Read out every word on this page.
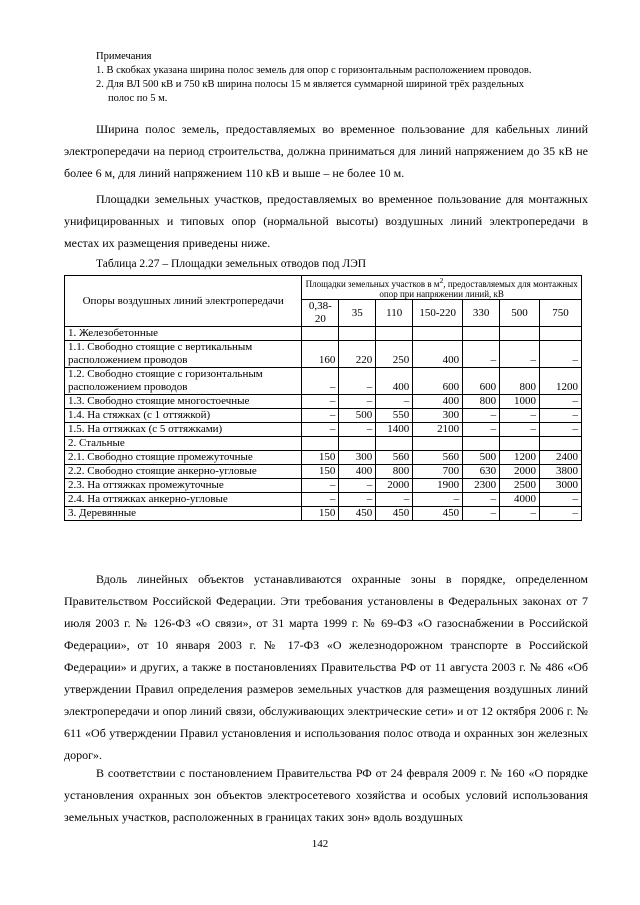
Примечания
1. В скобках указана ширина полос земель для опор с горизонтальным расположением проводов.
2. Для ВЛ 500 кВ и 750 кВ ширина полосы 15 м является суммарной шириной трёх раздельных
полос по 5 м.
Ширина полос земель, предоставляемых во временное пользование для кабельных линий электропередачи на период строительства, должна приниматься для линий напряжением до 35 кВ не более 6 м, для линий напряжением 110 кВ и выше – не более 10 м.
Площадки земельных участков, предоставляемых во временное пользование для монтажных унифицированных и типовых опор (нормальной высоты) воздушных линий электропередачи в местах их размещения приведены ниже.
Таблица 2.27 – Площадки земельных отводов под ЛЭП
Опоры воздушных линий электропередачи	Площадки земельных участков в $м^2$, предоставляемых для монтажных опор при напряжении линий, кВ						
	0,38-20	35	110	150-220	330	500	750
1. Железобетонные							
1.1. Свободно стоящие с вертикальным расположением проводов	160	220	250	400	–	–	–
1.2. Свободно стоящие с горизонтальным расположением проводов	–	–	400	600	600	800	1200
1.3. Свободно стоящие многостоечные	–	–	–	400	800	1000	–
1.4. На стяжках (с 1 оттяжкой)	–	500	550	300	–	–	–
1.5. На оттяжках (с 5 оттяжками)	–	–	1400	2100	–	–	–
2. Стальные							
2.1. Свободно стоящие промежуточные	150	300	560	560	500	1200	2400
2.2. Свободно стоящие анкерно-угловые	150	400	800	700	630	2000	3800
2.3. На оттяжках промежуточные	–	–	2000	1900	2300	2500	3000
2.4. На оттяжках анкерно-угловые	–	–	–	–	–	4000	–
3. Деревянные	150	450	450	450	–	–	–
Вдоль линейных объектов устанавливаются охранные зоны в порядке, определенном Правительством Российской Федерации. Эти требования установлены в Федеральных законах от 7 июля 2003 г. № 126-ФЗ «О связи», от 31 марта 1999 г. № 69-ФЗ «О газоснабжении в Российской Федерации», от 10 января 2003 г. № 17-ФЗ «О железнодорожном транспорте в Российской Федерации» и других, а также в постановлениях Правительства РФ от 11 августа 2003 г. № 486 «Об утверждении Правил определения размеров земельных участков для размещения воздушных линий электропередачи и опор линий связи, обслуживающих электрические сети» и от 12 октября 2006 г. № 611 «Об утверждении Правил установления и использования полос отвода и охранных зон железных дорог».
В соответствии с постановлением Правительства РФ от 24 февраля 2009 г. № 160 «О порядке установления охранных зон объектов электросетевого хозяйства и особых условий использования земельных участков, расположенных в границах таких зон» вдоль воздушных
142
